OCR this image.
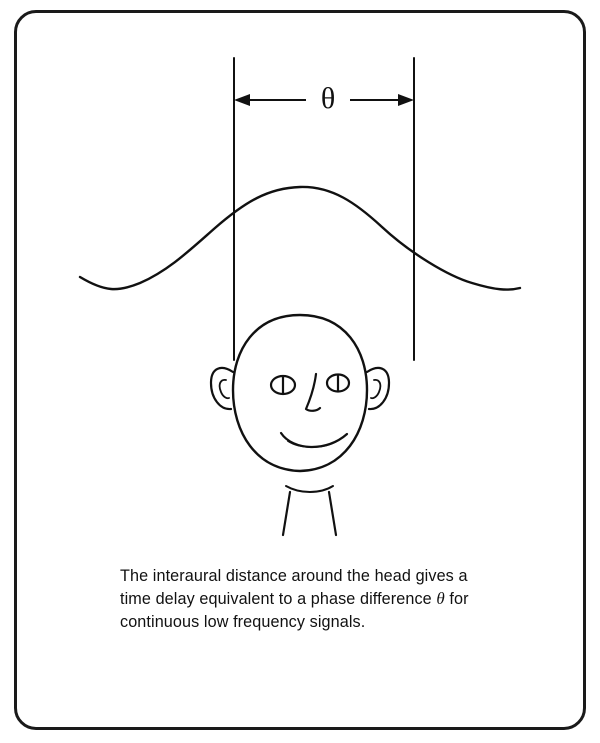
θ
The interaural distance around the head gives a
time delay equivalent to a phase difference θ for
continuous low frequency signals.
